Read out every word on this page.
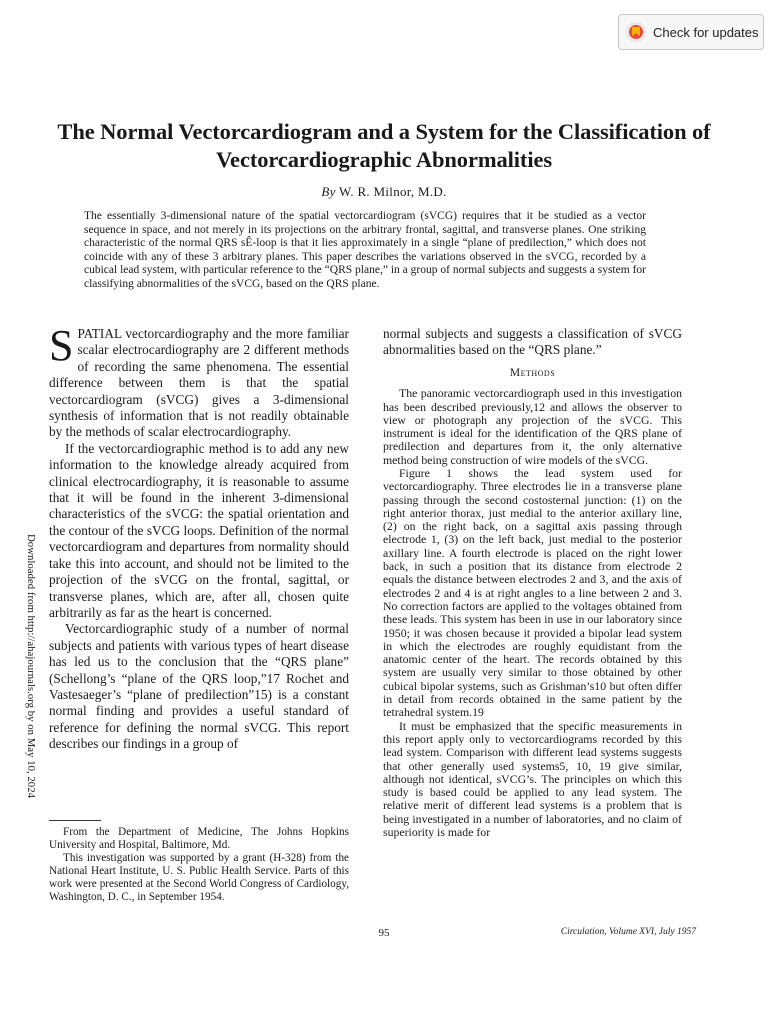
Check for updates
Downloaded from http://ahajournals.org by on May 10, 2024
The Normal Vectorcardiogram and a System for the Classification of Vectorcardiographic Abnormalities
By W. R. Milnor, M.D.

The essentially 3-dimensional nature of the spatial vectorcardiogram (sVCG) requires that it be studied as a vector sequence in space, and not merely in its projections on the arbitrary frontal, sagittal, and transverse planes. One striking characteristic of the normal QRS sÊ-loop is that it lies approximately in a single “plane of predilection,” which does not coincide with any of these 3 arbitrary planes. This paper describes the variations observed in the sVCG, recorded by a cubical lead system, with particular reference to the “QRS plane,” in a group of normal subjects and suggests a system for classifying abnormalities of the sVCG, based on the QRS plane.

SPATIAL vectorcardiography and the more familiar scalar electrocardiography are 2 different methods of recording the same phenomena. The essential difference between them is that the spatial vectorcardiogram (sVCG) gives a 3-dimensional synthesis of information that is not readily obtainable by the methods of scalar electrocardiography.

If the vectorcardiographic method is to add any new information to the knowledge already acquired from clinical electrocardiography, it is reasonable to assume that it will be found in the inherent 3-dimensional characteristics of the sVCG: the spatial orientation and the contour of the sVCG loops. Definition of the normal vectorcardiogram and departures from normality should take this into account, and should not be limited to the projection of the sVCG on the frontal, sagittal, or transverse planes, which are, after all, chosen quite arbitrarily as far as the heart is concerned.

Vectorcardiographic study of a number of normal subjects and patients with various types of heart disease has led us to the conclusion that the “QRS plane” (Schellong’s “plane of the QRS loop,”17 Rochet and Vastesaeger’s “plane of predilection”15) is a constant normal finding and provides a useful standard of reference for defining the normal sVCG. This report describes our findings in a group of

From the Department of Medicine, The Johns Hopkins University and Hospital, Baltimore, Md.

This investigation was supported by a grant (H-328) from the National Heart Institute, U. S. Public Health Service. Parts of this work were presented at the Second World Congress of Cardiology, Washington, D. C., in September 1954.

normal subjects and suggests a classification of sVCG abnormalities based on the “QRS plane.”

Methods

The panoramic vectorcardiograph used in this investigation has been described previously,12 and allows the observer to view or photograph any projection of the sVCG. This instrument is ideal for the identification of the QRS plane of predilection and departures from it, the only alternative method being construction of wire models of the sVCG.

Figure 1 shows the lead system used for vectorcardiography. Three electrodes lie in a transverse plane passing through the second costosternal junction: (1) on the right anterior thorax, just medial to the anterior axillary line, (2) on the right back, on a sagittal axis passing through electrode 1, (3) on the left back, just medial to the posterior axillary line. A fourth electrode is placed on the right lower back, in such a position that its distance from electrode 2 equals the distance between electrodes 2 and 3, and the axis of electrodes 2 and 4 is at right angles to a line between 2 and 3. No correction factors are applied to the voltages obtained from these leads. This system has been in use in our laboratory since 1950; it was chosen because it provided a bipolar lead system in which the electrodes are roughly equidistant from the anatomic center of the heart. The records obtained by this system are usually very similar to those obtained by other cubical bipolar systems, such as Grishman’s10 but often differ in detail from records obtained in the same patient by the tetrahedral system.19

It must be emphasized that the specific measurements in this report apply only to vectorcardiograms recorded by this lead system. Comparison with different lead systems suggests that other generally used systems5, 10, 19 give similar, although not identical, sVCG’s. The principles on which this study is based could be applied to any lead system. The relative merit of different lead systems is a problem that is being investigated in a number of laboratories, and no claim of superiority is made for

95	Circulation, Volume XVI, July 1957
